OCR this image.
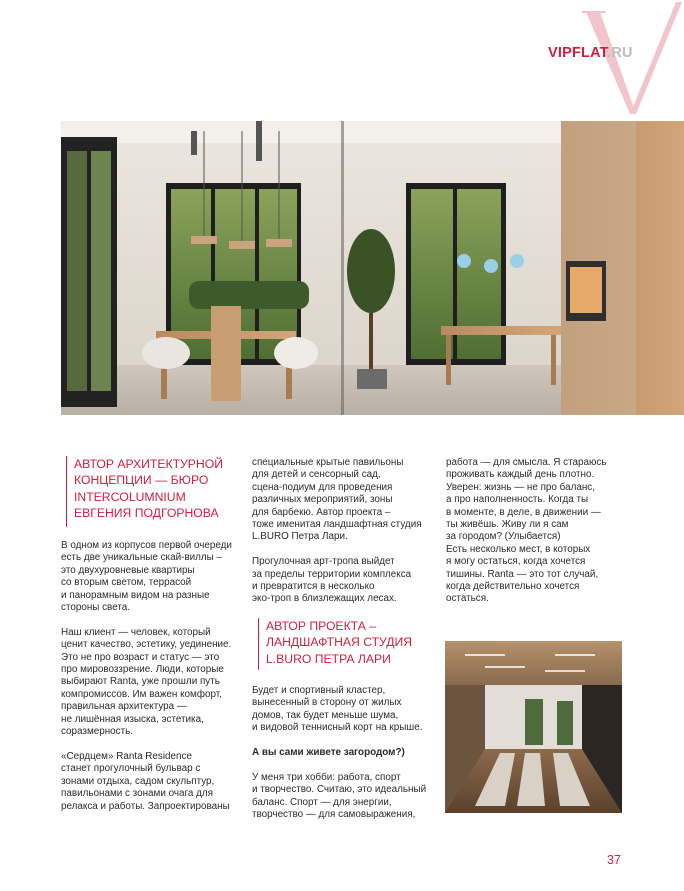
VIPFLAT.RU
АВТОР АРХИТЕКТУРНОЙ
КОНЦЕПЦИИ — БЮРО
INTERCOLUMNIUM
ЕВГЕНИЯ ПОДГОРНОВА

В одном из корпусов первой очереди
есть две уникальные скай-виллы –
это двухуровневые квартиры
со вторым светом, террасой
и панорамным видом на разные
стороны света.

Наш клиент — человек, который
ценит качество, эстетику, уединение.
Это не про возраст и статус — это
про мировоззрение. Люди, которые
выбирают Ranta, уже прошли путь
компромиссов. Им важен комфорт,
правильная архитектура —
не лишённая изыска, эстетика,
соразмерность.

«Сердцем» Ranta Residence
станет прогулочный бульвар с
зонами отдыха, садом скульптур,
павильонами с зонами очага для
релакса и работы. Запроектированы

специальные крытые павильоны
для детей и сенсорный сад,
сцена-подиум для проведения
различных мероприятий, зоны
для барбекю. Автор проекта –
тоже именитая ландшафтная студия
L.BURO Петра Лари.

Прогулочная арт-тропа выйдет
за пределы территории комплекса
и превратится в несколько
эко-троп в близлежащих лесах.

АВТОР ПРОЕКТА –
ЛАНДШАФТНАЯ СТУДИЯ
L.BURO ПЕТРА ЛАРИ

Будет и спортивный кластер,
вынесенный в сторону от жилых
домов, так будет меньше шума,
и видовой теннисный корт на крыше.

А вы сами живете загородом?)

У меня три хобби: работа, спорт
и творчество. Считаю, это идеальный
баланс. Спорт — для энергии,
творчество — для самовыражения,

работа — для смысла. Я стараюсь
проживать каждый день плотно.
Уверен: жизнь — не про баланс,
а про наполненность. Когда ты
в моменте, в деле, в движении —
ты живёшь. Живу ли я сам
за городом? (Улыбается)
Есть несколько мест, в которых
я могу остаться, когда хочется
тишины. Ranta — это тот случай,
когда действительно хочется
остаться.

37
